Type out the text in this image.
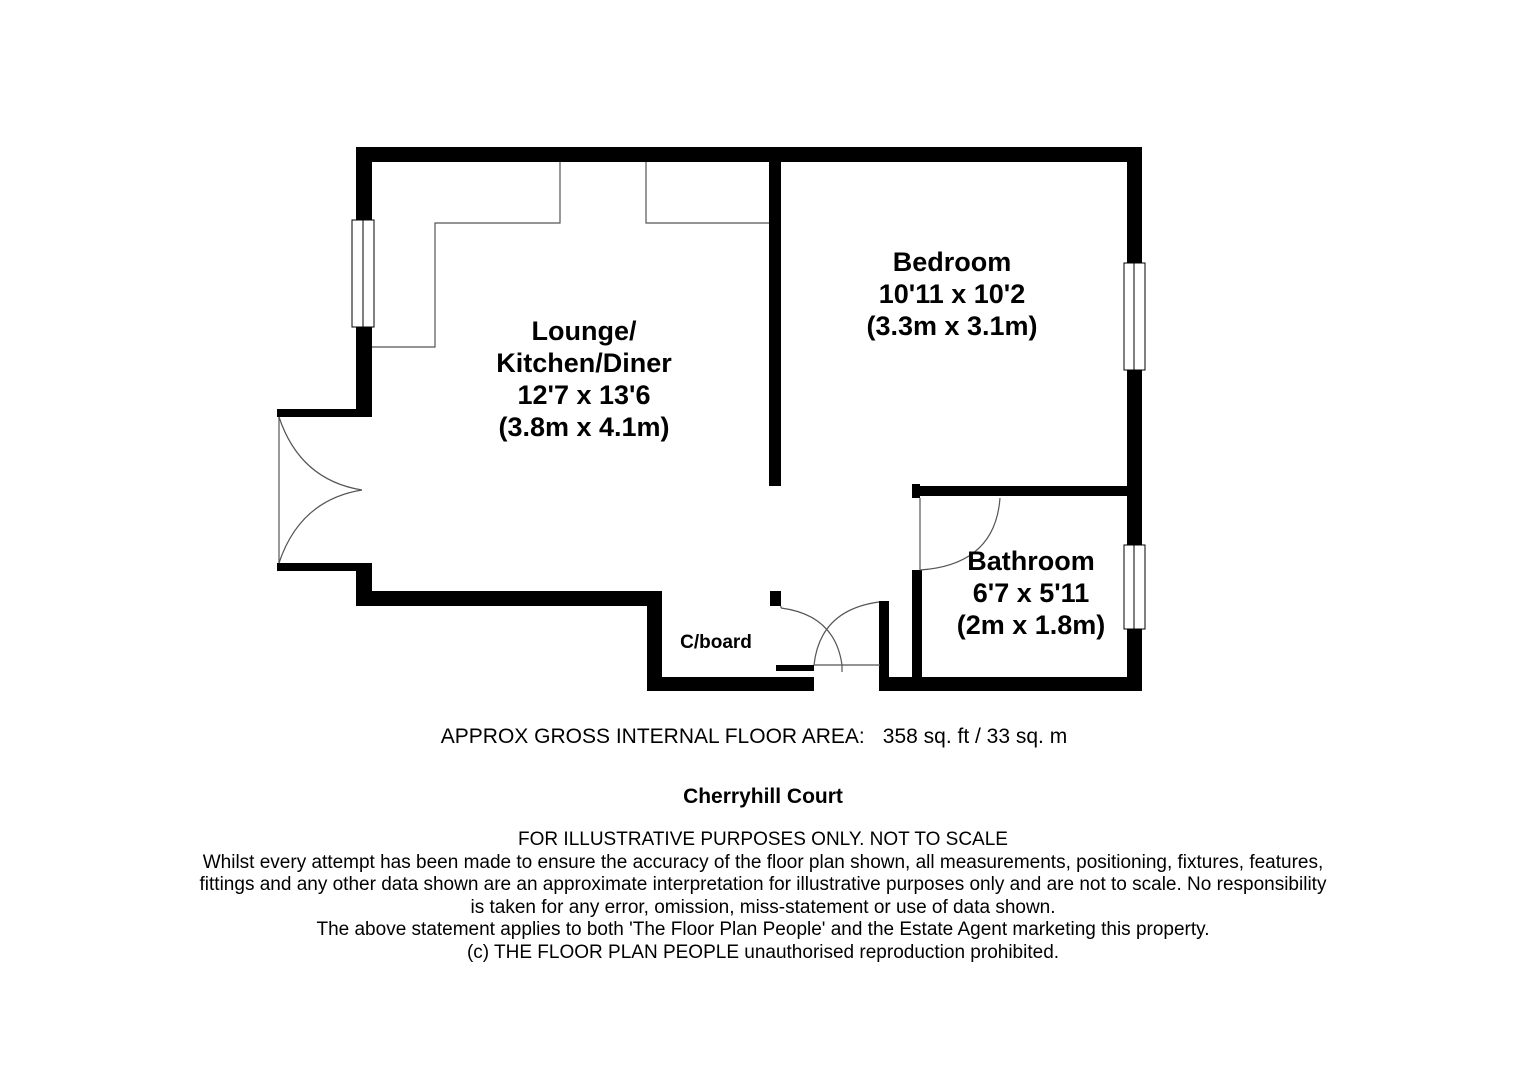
Lounge/
Kitchen/Diner
12'7 x 13'6
(3.8m x 4.1m)
Bedroom
10'11 x 10'2
(3.3m x 3.1m)
Bathroom
6'7 x 5'11
(2m x 1.8m)
C/board
APPROX GROSS INTERNAL FLOOR AREA: 358 sq. ft / 33 sq. m
Cherryhill Court
FOR ILLUSTRATIVE PURPOSES ONLY. NOT TO SCALE
Whilst every attempt has been made to ensure the accuracy of the floor plan shown, all measurements, positioning, fixtures, features,
fittings and any other data shown are an approximate interpretation for illustrative purposes only and are not to scale. No responsibility
is taken for any error, omission, miss-statement or use of data shown.
The above statement applies to both 'The Floor Plan People' and the Estate Agent marketing this property.
(c) THE FLOOR PLAN PEOPLE unauthorised reproduction prohibited.
